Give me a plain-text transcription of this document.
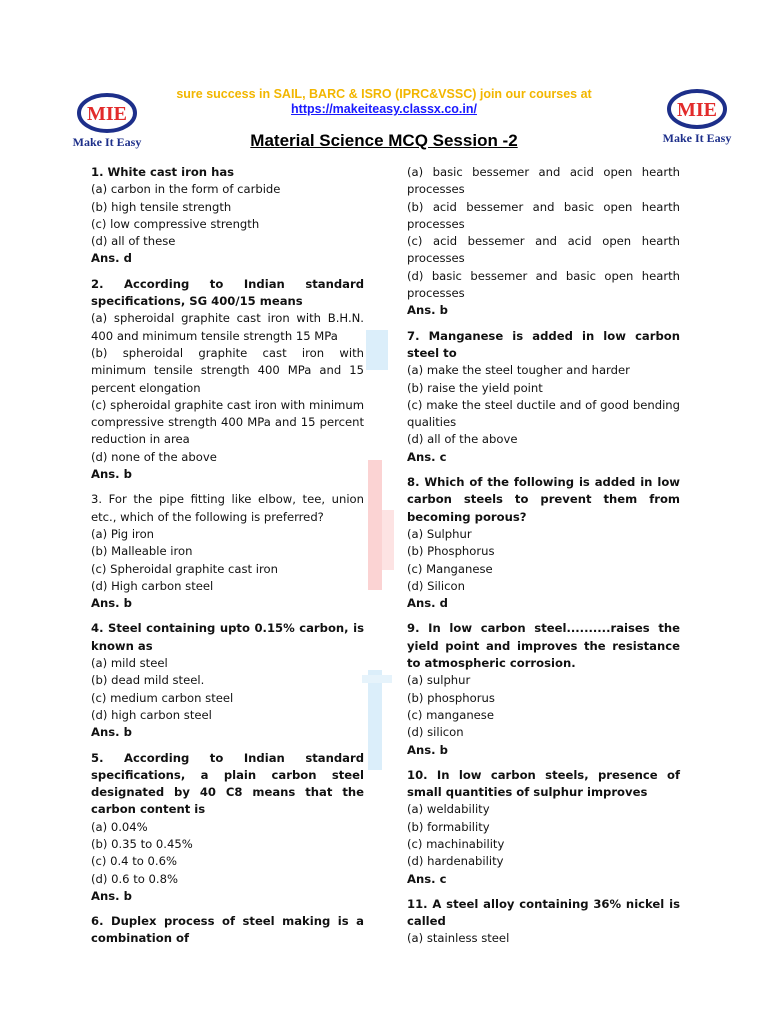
MIE
Make It Easy
MIE
Make It Easy

sure success in SAIL, BARC & ISRO (IPRC&VSSC) join our courses at

https://makeiteasy.classx.co.in/
Material Science MCQ Session -2

1. White cast iron has

(a) carbon in the form of carbide

(b) high tensile strength

(c) low compressive strength

(d) all of these

Ans. d

2. According to Indian standard specifications, SG 400/15 means

(a) spheroidal graphite cast iron with B.H.N. 400 and minimum tensile strength 15 MPa

(b) spheroidal graphite cast iron with minimum tensile strength 400 MPa and 15 percent elongation

(c) spheroidal graphite cast iron with minimum compressive strength 400 MPa and 15 percent reduction in area

(d) none of the above

Ans. b

3. For the pipe fitting like elbow, tee, union etc., which of the following is preferred?

(a) Pig iron

(b) Malleable iron

(c) Spheroidal graphite cast iron

(d) High carbon steel

Ans. b

4. Steel containing upto 0.15% carbon, is known as

(a) mild steel

(b) dead mild steel.

(c) medium carbon steel

(d) high carbon steel

Ans. b

5. According to Indian standard specifications, a plain carbon steel designated by 40 C8 means that the carbon content is

(a) 0.04%

(b) 0.35 to 0.45%

(c) 0.4 to 0.6%

(d) 0.6 to 0.8%

Ans. b

6. Duplex process of steel making is a combination of

(a) basic bessemer and acid open hearth processes

(b) acid bessemer and basic open hearth processes

(c) acid bessemer and acid open hearth processes

(d) basic bessemer and basic open hearth processes

Ans. b

7. Manganese is added in low carbon steel to

(a) make the steel tougher and harder

(b) raise the yield point

(c) make the steel ductile and of good bending qualities

(d) all of the above

Ans. c

8. Which of the following is added in low carbon steels to prevent them from becoming porous?

(a) Sulphur

(b) Phosphorus

(c) Manganese

(d) Silicon

Ans. d

9. In low carbon steel..........raises the yield point and improves the resistance to atmospheric corrosion.

(a) sulphur

(b) phosphorus

(c) manganese

(d) silicon

Ans. b

10. In low carbon steels, presence of small quantities of sulphur improves

(a) weldability

(b) formability

(c) machinability

(d) hardenability

Ans. c

11. A steel alloy containing 36% nickel is called

(a) stainless steel
